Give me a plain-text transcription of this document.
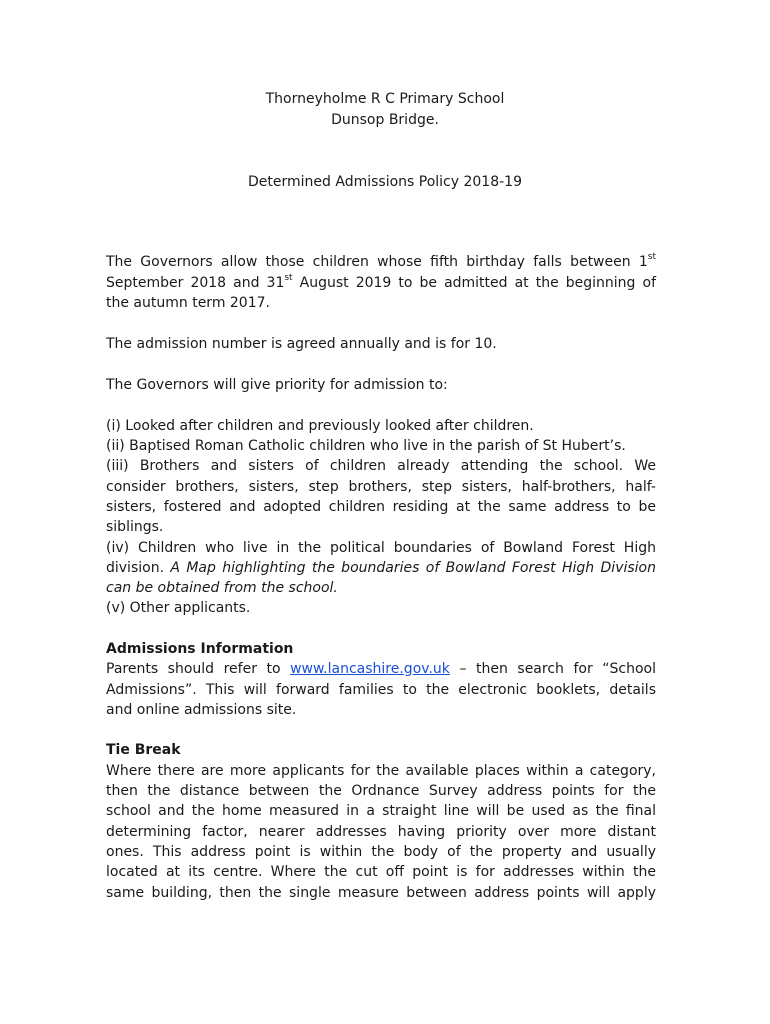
Thorneyholme R C Primary School
Dunsop Bridge.
Determined Admissions Policy 2018-19
The Governors allow those children whose fifth birthday falls between 1st
September 2018 and 31st August 2019 to be admitted at the beginning of
the autumn term 2017.
The admission number is agreed annually and is for 10.
The Governors will give priority for admission to:
(i) Looked after children and previously looked after children.
(ii) Baptised Roman Catholic children who live in the parish of St Hubert’s.
(iii) Brothers and sisters of children already attending the school. We
consider brothers, sisters, step brothers, step sisters, half-brothers, half-
sisters, fostered and adopted children residing at the same address to be
siblings.
(iv) Children who live in the political boundaries of Bowland Forest High
division. A Map highlighting the boundaries of Bowland Forest High Division
can be obtained from the school.
(v) Other applicants.
Admissions Information
Parents should refer to www.lancashire.gov.uk – then search for “School
Admissions”. This will forward families to the electronic booklets, details
and online admissions site.
Tie Break
Where there are more applicants for the available places within a category,
then the distance between the Ordnance Survey address points for the
school and the home measured in a straight line will be used as the final
determining factor, nearer addresses having priority over more distant
ones. This address point is within the body of the property and usually
located at its centre. Where the cut off point is for addresses within the
same building, then the single measure between address points will apply
